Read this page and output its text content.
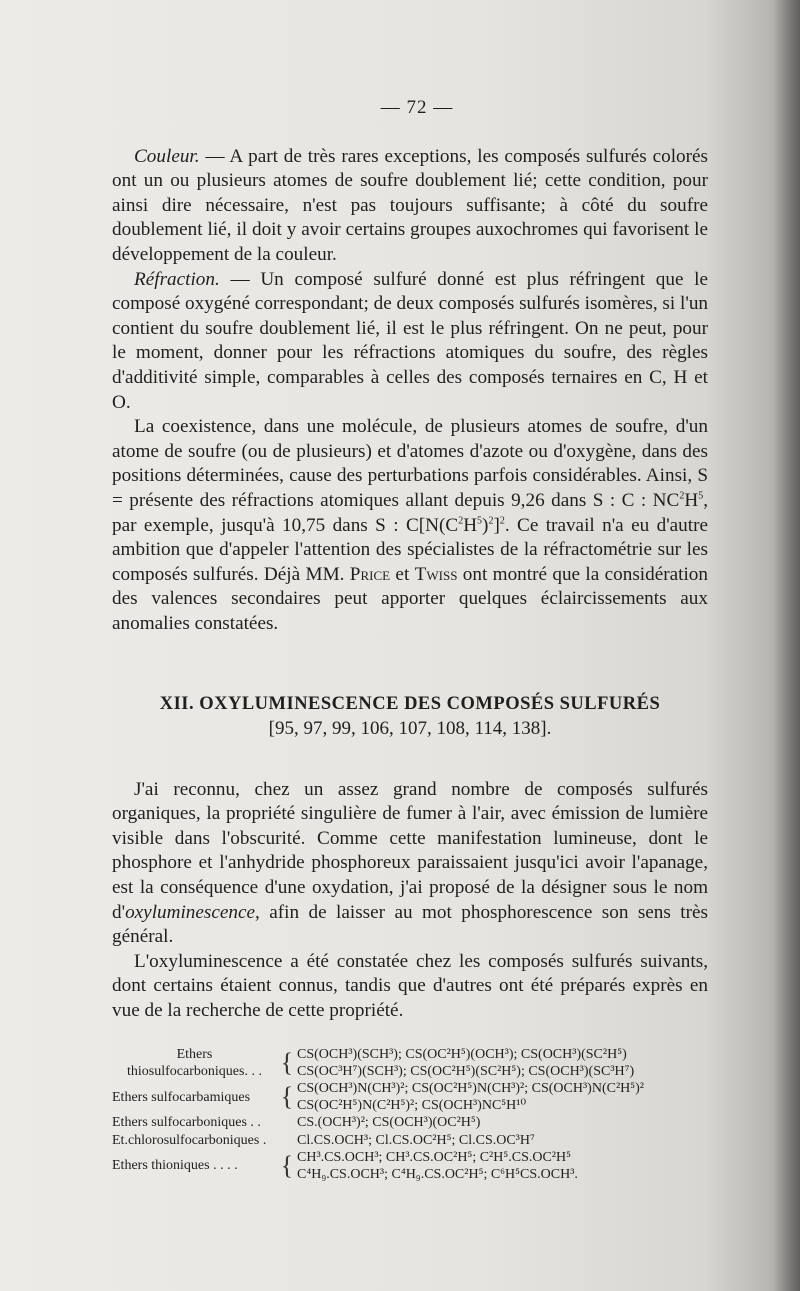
— 72 —

Couleur. — A part de très rares exceptions, les composés sulfurés colorés ont un ou plusieurs atomes de soufre doublement lié; cette condition, pour ainsi dire nécessaire, n'est pas toujours suffisante; à côté du soufre doublement lié, il doit y avoir certains groupes auxochromes qui favorisent le développement de la couleur.

Réfraction. — Un composé sulfuré donné est plus réfringent que le composé oxygéné correspondant; de deux composés sulfurés isomères, si l'un contient du soufre doublement lié, il est le plus réfringent. On ne peut, pour le moment, donner pour les réfractions atomiques du soufre, des règles d'additivité simple, comparables à celles des composés ternaires en C, H et O.

La coexistence, dans une molécule, de plusieurs atomes de soufre, d'un atome de soufre (ou de plusieurs) et d'atomes d'azote ou d'oxygène, dans des positions déterminées, cause des perturbations parfois considérables. Ainsi, S = présente des réfractions atomiques allant depuis 9,26 dans S : C : $NC^2H^5$, par exemple, jusqu'à 10,75 dans S : $C[N(C^2H^5)^2]^2$. Ce travail n'a eu d'autre ambition que d'appeler l'attention des spécialistes de la réfractométrie sur les composés sulfurés. Déjà MM. Price et Twiss ont montré que la considération des valences secondaires peut apporter quelques éclaircissements aux anomalies constatées.

XII. OXYLUMINESCENCE DES COMPOSÉS SULFURÉS
[95, 97, 99, 106, 107, 108, 114, 138].

J'ai reconnu, chez un assez grand nombre de composés sulfurés organiques, la propriété singulière de fumer à l'air, avec émission de lumière visible dans l'obscurité. Comme cette manifestation lumineuse, dont le phosphore et l'anhydride phosphoreux paraissaient jusqu'ici avoir l'apanage, est la conséquence d'une oxydation, j'ai proposé de la désigner sous le nom d'oxyluminescence, afin de laisser au mot phosphorescence son sens très général.

L'oxyluminescence a été constatée chez les composés sulfurés suivants, dont certains étaient connus, tandis que d'autres ont été préparés exprès en vue de la recherche de cette propriété.

Ethers
thiosulfocarboniques. . .	{	CS(OCH³)(SCH³); CS(OC²H⁵)(OCH³); CS(OCH³)(SC²H⁵)
CS(OC³H⁷)(SCH³); CS(OC²H⁵)(SC²H⁵); CS(OCH³)(SC³H⁷)
Ethers sulfocarbamiques	{	CS(OCH³)N(CH³)²; CS(OC²H⁵)N(CH³)²; CS(OCH³)N(C²H⁵)²
CS(OC²H⁵)N(C²H⁵)²; CS(OCH³)NC⁵H¹⁰
Ethers sulfocarboniques . .		CS.(OCH³)²; CS(OCH³)(OC²H⁵)
Et.chlorosulfocarboniques .		Cl.CS.OCH³; Cl.CS.OC²H⁵; Cl.CS.OC³H⁷
Ethers thioniques . . . .	{	CH³.CS.OCH³; CH³.CS.OC²H⁵; C²H⁵.CS.OC²H⁵
C⁴H₉.CS.OCH³; C⁴H₉.CS.OC²H⁵; C⁶H⁵CS.OCH³.
